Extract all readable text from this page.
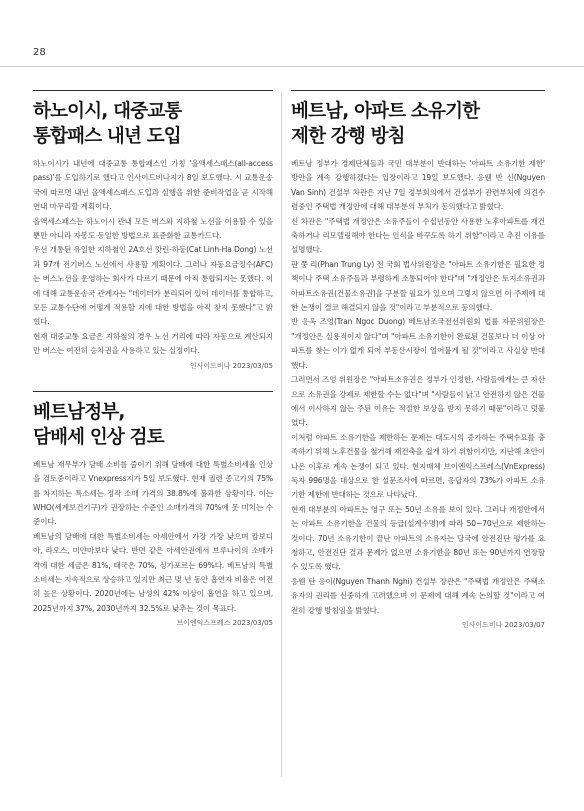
28
하노이시, 대중교통
통합패스 내년 도입

하노이시가 내년에 대중교통 통합패스인 가칭 '올액세스패스(all-access pass)'를 도입하기로 했다고 인사이드비나지가 8일 보도했다. 시 교통운송국에 따르면 내년 올액세스패스 도입과 실행을 위한 준비작업을 곧 시작해 연내 마무리할 계획이다.

올액세스패스는 하노이시 관내 모든 버스와 지하철 노선을 이용할 수 있을 뿐만 아니라 자봉도 동일한 방법으로 표준화한 교통카드다.

우선 개통된 유일한 지하철인 2A호선 깟린-하동(Cat Linh-Ha Dong) 노선과 97개 전기버스 노선에서 사용할 계획이다. 그러나 자동요금징수(AFC)는 버스노선을 운영하는 회사가 다르기 때문에 아직 통합되지는 못했다. 이에 대해 교통운송국 관계자는 "데이터가 분리되어 있어 데이터를 통합하고, 모든 교통수단에 어떻게 적용할 지에 대한 방법을 아직 찾지 못했다"고 밝혔다.

현재 대중교통 요금은 지하철의 경우 노선 거리에 따라 자동으로 계산되지만 버스는 여전히 승차권을 사용하고 있는 실정이다.

인사이드비나 2023/03/05
베트남정부,
담배세 인상 검토

베트남 재무부가 담배 소비를 줄이기 위해 담배에 대한 특별소비세율 인상을 검토중이라고 Vnexpress지가 5일 보도했다. 현재 궐련 종고가의 75%를 차지하는 특소세는 정작 소매 가격의 38.8%에 불과한 상황이다. 이는 WHO(세계보건기구)가 권장하는 수준인 소매가격의 70%에 못 미치는 수준이다.

베트남의 담배에 대한 특별소비세는 아세안에서 가장 가장 낮으며 캄보디아, 라오스, 미얀마보다 낮다. 반면 같은 아세안권에서 브루나이의 소매가격에 대한 세금은 81%, 태국은 70%, 싱가포르는 69%다. 베트남의 특별소비세는 지속적으로 상승하고 있지만 최근 몇 년 동안 흡연자 비율은 여전히 높은 상황이다. 2020년에는 남성의 42% 이상이 흡연을 하고 있으며, 2025년까지 37%, 2030년까지 32.5%로 낮추는 것이 목표다.

브이엔익스프레스 2023/03/05
베트남, 아파트 소유기한
제한 강행 방침

베트남 정부가 경제단체들과 국민 대부분이 반대하는 '아파트 소유기한 제한' 방안을 계속 강행하겠다는 입장이라고 19일 보도했다. 응웬 반 신(Nguyen Van Sinh) 건설부 차관은 지난 7일 정부회의에서 건설부가 관련부처에 의견수렴중인 주택법 개정안에 대해 대부분의 부처가 동의했다고 밝혔다.

신 차관은 "주택법 개정안은 소유주들이 수십년동안 사용한 노후아파트를 재건축하거나 리모델링해야 한다는 인식을 바꾸도록 하기 위함"이라고 추진 이유를 설명했다.

판 쭝 리(Phan Trung Ly) 전 국회 법사위원장은 "아파트 소유기한은 필요한 정책이나 주택 소유주들과 부령하게 소통되어야 한다"며 "개정안은 토지소유권과 아파트소유권(건물소유권)을 구분할 필요가 있으며 그렇지 않으면 이 주제에 대한 논쟁이 결코 해결되지 않을 것"이라고 부분적으로 동의했다.

반 응옥 즈엉(Tran Ngoc Duong) 베트남조국전선위원회 법률 자문위원장은 "개정안은 실용적이지 않다"며 "아파트 소유기한이 완료된 건물보다 더 이상 아파트를 찾는 이가 없게 되어 부동산시장이 얼어붙게 될 것"이라고 사실상 반대했다.

그러면서 즈엉 위원장은 "아파트소유권은 정부가 인정한, 사람들에게는 큰 자산으로 소유권을 강제로 제한할 수는 없다"며 "사람들이 낡고 안전하지 않은 건물에서 이사하지 않는 주된 이유는 적절한 보상을 받지 못하기 때문"이라고 덧붙였다.

이처럼 아파트 소유기한을 제한하는 문제는 대도시의 증가하는 주택수요를 충족하기 위해 노후건물을 철거해 재건축을 쉽게 하기 위함이지만, 지난해 초안이 나온 이후로 계속 논쟁이 되고 있다. 현지매체 브이엔익스프레스(VnExpress) 독자 996명을 대상으로 한 설문조사에 따르면, 응답자의 73%가 아파트 소유기한 제한에 반대하는 것으로 나타났다.

현재 대부분의 아파트는 영구 또는 50년 소유를 보이 있다. 그러나 개정안에서는 아파트 소유기한을 건물의 등급(설계수명)에 따라 50~70년으로 제한하는 것이다. 70년 소유기한이 끝난 아파트의 소유자는 당국에 안전진단 평가를 요청하고, 안전진단 결과 문제가 없으면 소유기한을 80년 또는 90년까지 연장할 수 있도록 했다.

응웬 탄 응이(Nguyen Thanh Nghi) 건설부 장관은 "주택법 개정안은 주택소유자의 권리를 신중하게 고려했으며 이 문제에 대해 계속 논의할 것"이라고 여전히 강행 방침임을 밝혔다.

인사이드비나 2023/03/07
